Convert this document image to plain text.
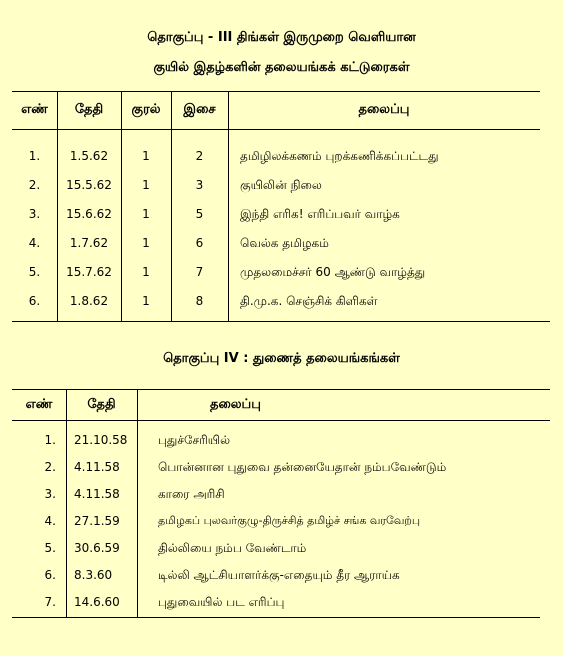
தொகுப்பு - III திங்கள் இருமுறை வெளியான
குயில் இதழ்களின் தலையங்கக் கட்டுரைகள்
எண்	தேதி	குரல்	இசை	தலைப்பு
1.	1.5.62	1	2	தமிழிலக்கணம் புறக்கணிக்கப்பட்டது
2.	15.5.62	1	3	குயிலின் நிலை
3.	15.6.62	1	5	இந்தி எரிக! எரிப்பவர் வாழ்க
4.	1.7.62	1	6	வெல்க தமிழகம்
5.	15.7.62	1	7	முதலமைச்சர் 60 ஆண்டு வாழ்த்து
6.	1.8.62	1	8	தி.மு.க. செஞ்சிக் கிளிகள்
தொகுப்பு IV : துணைத் தலையங்கங்கள்
எண்	தேதி	தலைப்பு
1. 21.10.58	புதுச்சேரியில்
2. 4.11.58	பொன்னான புதுவை தன்னையேதான் நம்பவேண்டும்
3. 4.11.58	காரை அரிசி
4. 27.1.59	தமிழகப் புலவர்குழு-திருச்சித் தமிழ்ச் சங்க வரவேற்பு
5. 30.6.59	தில்லியை நம்ப வேண்டாம்
6. 8.3.60	டில்லி ஆட்சியாளர்க்கு-எதையும் தீர ஆராய்க
7. 14.6.60	புதுவையில் பட எரிப்பு
